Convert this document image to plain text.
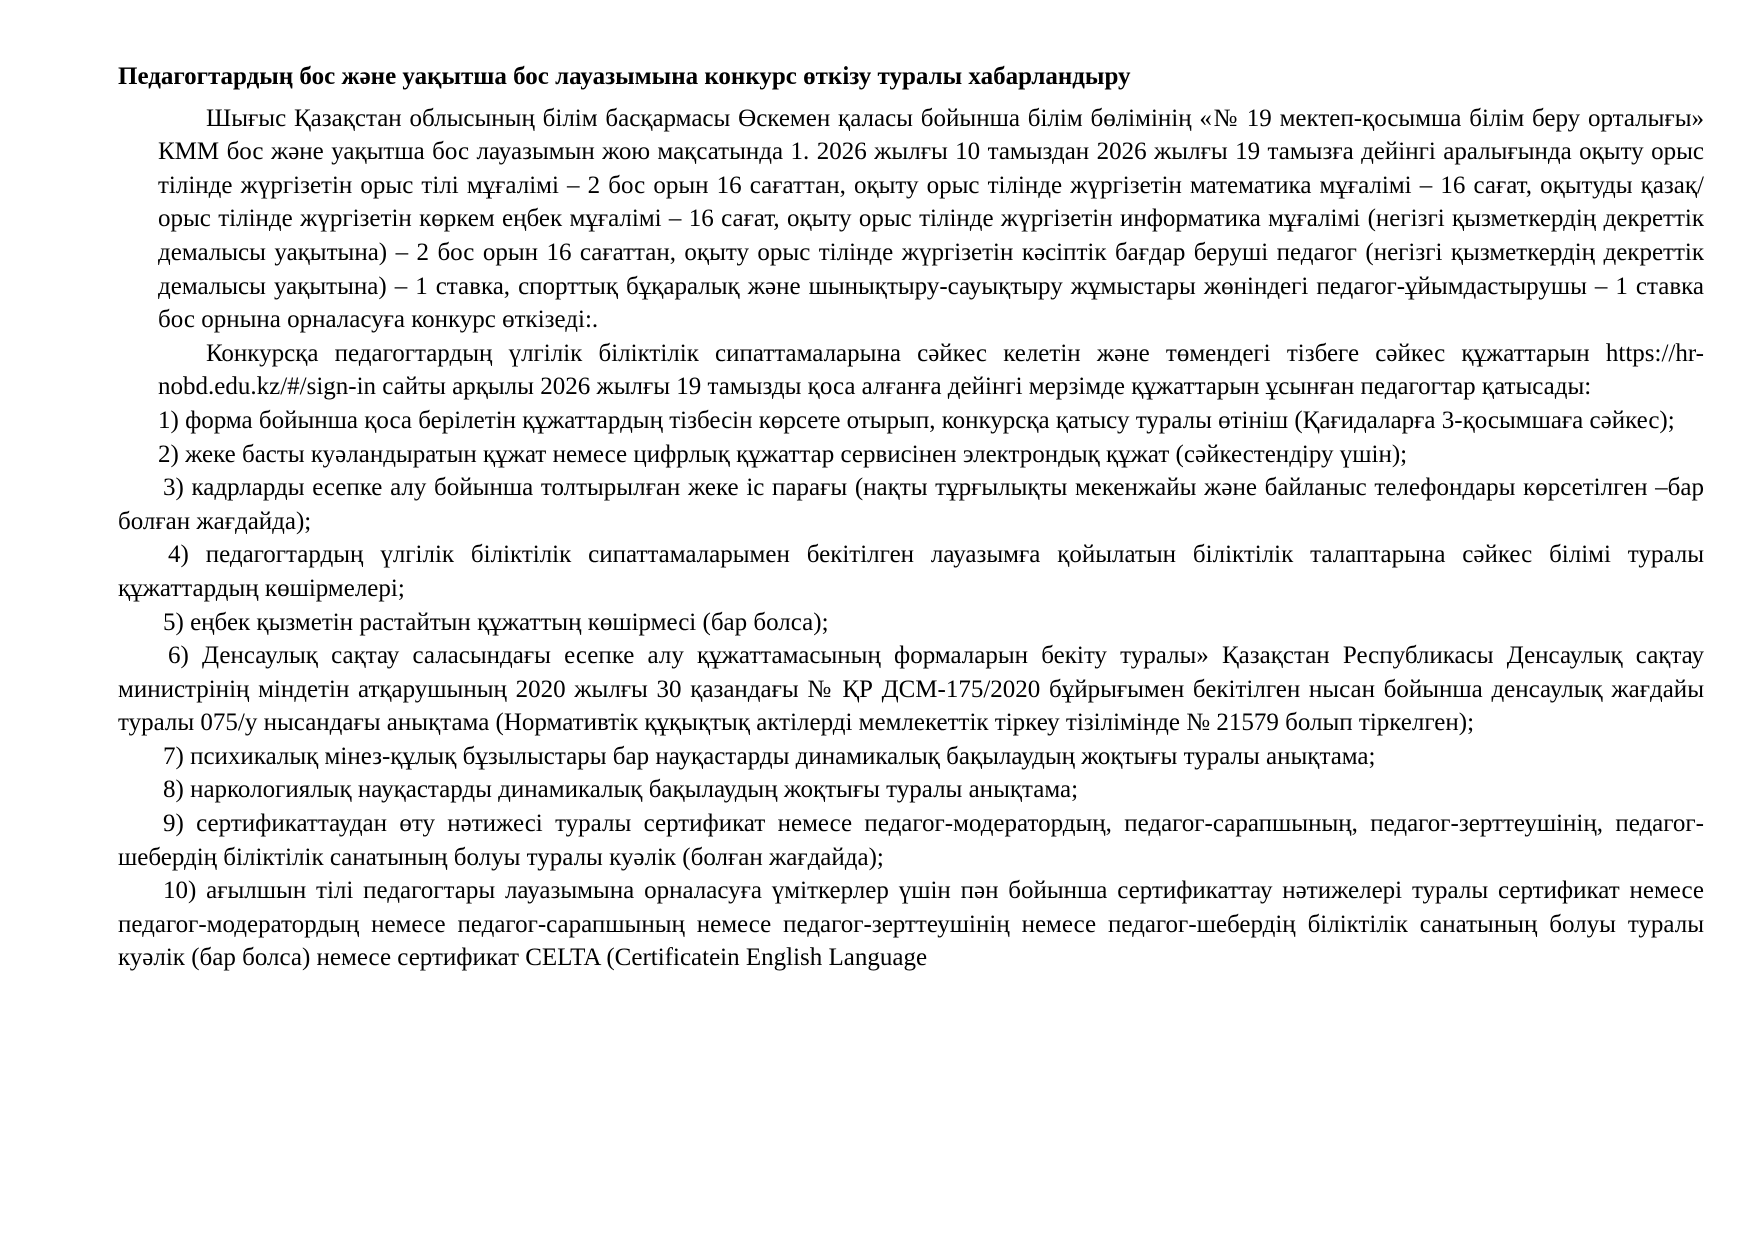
Педагогтардың бос және уақытша бос лауазымына конкурс өткізу туралы хабарландыру

Шығыс Қазақстан облысының білім басқармасы Өскемен қаласы бойынша білім бөлімінің «№ 19 мектеп-қосымша білім беру орталығы» КММ бос және уақытша бос лауазымын жою мақсатында 1. 2026 жылғы 10 тамыздан 2026 жылғы 19 тамызға дейінгі аралығында оқыту орыс тілінде жүргізетін орыс тілі мұғалімі – 2 бос орын 16 сағаттан, оқыту орыс тілінде жүргізетін математика мұғалімі – 16 сағат, оқытуды қазақ/орыс тілінде жүргізетін көркем еңбек мұғалімі – 16 сағат, оқыту орыс тілінде жүргізетін информатика мұғалімі (негізгі қызметкердің декреттік демалысы уақытына) – 2 бос орын 16 сағаттан, оқыту орыс тілінде жүргізетін кәсіптік бағдар беруші педагог (негізгі қызметкердің декреттік демалысы уақытына) – 1 ставка, спорттық бұқаралық және шынықтыру-сауықтыру жұмыстары жөніндегі педагог-ұйымдастырушы – 1 ставка бос орнына орналасуға конкурс өткізеді:.

Конкурсқа педагогтардың үлгілік біліктілік сипаттамаларына сәйкес келетін және төмендегі тізбеге сәйкес құжаттарын https://hr-nobd.edu.kz/#/sign-in сайты арқылы 2026 жылғы 19 тамызды қоса алғанға дейінгі мерзімде құжаттарын ұсынған педагогтар қатысады:

1) форма бойынша қоса берілетін құжаттардың тізбесін көрсете отырып, конкурсқа қатысу туралы өтініш (Қағидаларға 3-қосымшаға сәйкес);

2) жеке басты куәландыратын құжат немесе цифрлық құжаттар сервисінен электрондық құжат (сәйкестендіру үшін);

3) кадрларды есепке алу бойынша толтырылған жеке іс парағы (нақты тұрғылықты мекенжайы және байланыс телефондары көрсетілген –бар болған жағдайда);

4) педагогтардың үлгілік біліктілік сипаттамаларымен бекітілген лауазымға қойылатын біліктілік талаптарына сәйкес білімі туралы құжаттардың көшірмелері;

5) еңбек қызметін растайтын құжаттың көшірмесі (бар болса);

6) Денсаулық сақтау саласындағы есепке алу құжаттамасының формаларын бекіту туралы» Қазақстан Республикасы Денсаулық сақтау министрінің міндетін атқарушының 2020 жылғы 30 қазандағы № ҚР ДСМ-175/2020 бұйрығымен бекітілген нысан бойынша денсаулық жағдайы туралы 075/у нысандағы анықтама (Нормативтік құқықтық актілерді мемлекеттік тіркеу тізілімінде № 21579 болып тіркелген);

7) психикалық мінез-құлық бұзылыстары бар науқастарды динамикалық бақылаудың жоқтығы туралы анықтама;

8) наркологиялық науқастарды динамикалық бақылаудың жоқтығы туралы анықтама;

9) сертификаттаудан өту нәтижесі туралы сертификат немесе педагог-модератордың, педагог-сарапшының, педагог-зерттеушінің, педагог-шебердің біліктілік санатының болуы туралы куәлік (болған жағдайда);

10) ағылшын тілі педагогтары лауазымына орналасуға үміткерлер үшін пән бойынша сертификаттау нәтижелері туралы сертификат немесе педагог-модератордың немесе педагог-сарапшының немесе педагог-зерттеушінің немесе педагог-шебердің біліктілік санатының болуы туралы куәлік (бар болса) немесе сертификат CELTA (Certificatein English Language
